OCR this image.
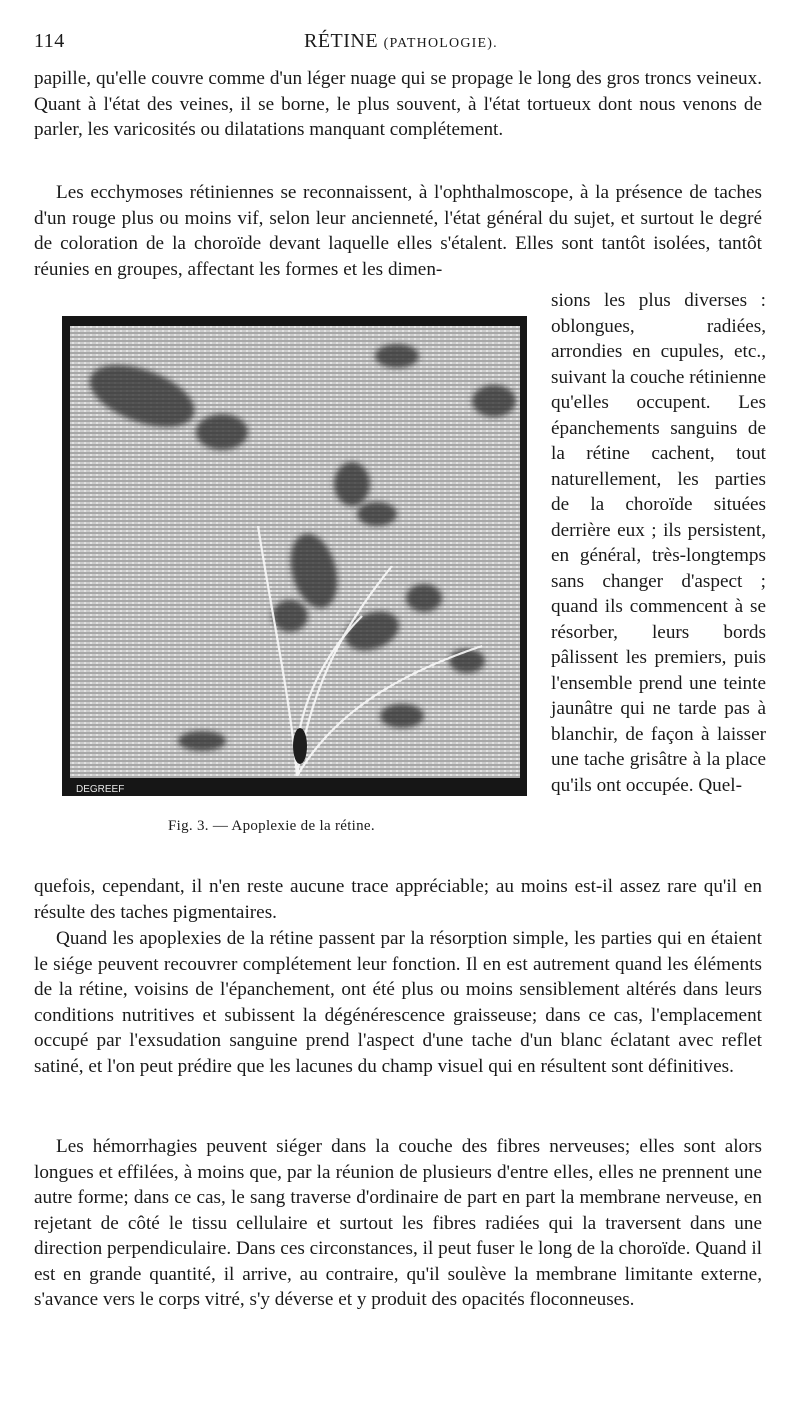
114	RÉTINE (PATHOLOGIE).

papille, qu'elle couvre comme d'un léger nuage qui se propage le long des gros troncs veineux. Quant à l'état des veines, il se borne, le plus souvent, à l'état tortueux dont nous venons de parler, les varicosités ou dilatations manquant complétement.

Les ecchymoses rétiniennes se reconnaissent, à l'ophthalmoscope, à la présence de taches d'un rouge plus ou moins vif, selon leur ancienneté, l'état général du sujet, et surtout le degré de coloration de la choroïde devant laquelle elles s'étalent. Elles sont tantôt isolées, tantôt réunies en groupes, affectant les formes et les dimen-

DEGREEF
Fig. 3. — Apoplexie de la rétine.

sions les plus diverses : oblongues, radiées, arrondies en cupules, etc., suivant la couche rétinienne qu'elles occupent. Les épanchements sanguins de la rétine cachent, tout naturellement, les parties de la choroïde situées derrière eux ; ils persistent, en général, très-longtemps sans changer d'aspect ; quand ils commencent à se résorber, leurs bords pâlissent les premiers, puis l'ensemble prend une teinte jaunâtre qui ne tarde pas à blanchir, de façon à laisser une tache grisâtre à la place qu'ils ont occupée. Quel-

quefois, cependant, il n'en reste aucune trace appréciable; au moins est-il assez rare qu'il en résulte des taches pigmentaires.

Quand les apoplexies de la rétine passent par la résorption simple, les parties qui en étaient le siége peuvent recouvrer complétement leur fonction. Il en est autrement quand les éléments de la rétine, voisins de l'épanchement, ont été plus ou moins sensiblement altérés dans leurs conditions nutritives et subissent la dégénérescence graisseuse; dans ce cas, l'emplacement occupé par l'exsudation sanguine prend l'aspect d'une tache d'un blanc éclatant avec reflet satiné, et l'on peut prédire que les lacunes du champ visuel qui en résultent sont définitives.

Les hémorrhagies peuvent siéger dans la couche des fibres nerveuses; elles sont alors longues et effilées, à moins que, par la réunion de plusieurs d'entre elles, elles ne prennent une autre forme; dans ce cas, le sang traverse d'ordinaire de part en part la membrane nerveuse, en rejetant de côté le tissu cellulaire et surtout les fibres radiées qui la traversent dans une direction perpendiculaire. Dans ces circonstances, il peut fuser le long de la choroïde. Quand il est en grande quantité, il arrive, au contraire, qu'il soulève la membrane limitante externe, s'avance vers le corps vitré, s'y déverse et y produit des opacités floconneuses.
